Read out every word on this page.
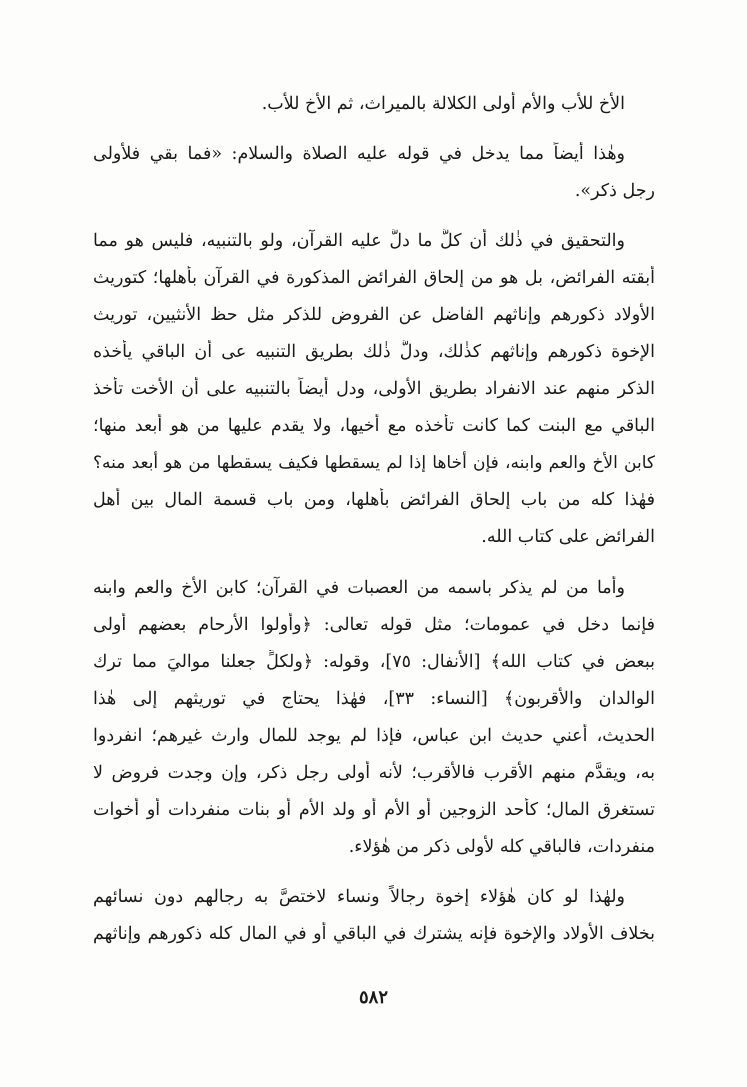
الأخ للأب والأم أولى الكلالة بالميراث، ثم الأخ للأب.
وهٰذا أيضاً مما يدخل في قوله عليه الصلاة والسلام: «فما بقي فلأولى
رجل ذكر».
والتحقيق في ذٰلك أن كلَّ ما دلَّ عليه القرآن، ولو بالتنبيه، فليس هو مما
أبقته الفرائض، بل هو من إلحاق الفرائض المذكورة في القرآن بأهلها؛ كتوريث
الأولاد ذكورهم وإناثهم الفاضل عن الفروض للذكر مثل حظ الأنثيين، توريث
الإخوة ذكورهم وإناثهم كذٰلك، ودلَّ ذٰلك بطريق التنبيه عى أن الباقي يأخذه
الذكر منهم عند الانفراد بطريق الأولى، ودل أيضاً بالتنبيه على أن الأخت تأخذ
الباقي مع البنت كما كانت تأخذه مع أخيها، ولا يقدم عليها من هو أبعد منها؛
كابن الأخ والعم وابنه، فإن أخاها إذا لم يسقطها فكيف يسقطها من هو أبعد منه؟
فهٰذا كله من باب إلحاق الفرائض بأهلها، ومن باب قسمة المال بين أهل
الفرائض على كتاب الله.
وأما من لم يذكر باسمه من العصبات في القرآن؛ كابن الأخ والعم وابنه
فإنما دخل في عمومات؛ مثل قوله تعالى: ﴿وأولوا الأرحام بعضهم أولى
ببعض في كتاب الله﴾ [الأنفال: ٧٥]، وقوله: ﴿ولكلٍّ جعلنا مواليَ مما ترك
الوالدان والأقربون﴾ [النساء: ٣٣]، فهٰذا يحتاج في توريثهم إلى هٰذا
الحديث، أعني حديث ابن عباس، فإذا لم يوجد للمال وارث غيرهم؛ انفردوا
به، ويقدَّم منهم الأقرب فالأقرب؛ لأنه أولى رجل ذكر، وإن وجدت فروض لا
تستغرق المال؛ كأحد الزوجين أو الأم أو ولد الأم أو بنات منفردات أو أخوات
منفردات، فالباقي كله لأولى ذكر من هٰؤلاء.
ولهٰذا لو كان هٰؤلاء إخوة رجالاً ونساء لاختصَّ به رجالهم دون نسائهم
بخلاف الأولاد والإخوة فإنه يشترك في الباقي أو في المال كله ذكورهم وإناثهم
٥٨٢
